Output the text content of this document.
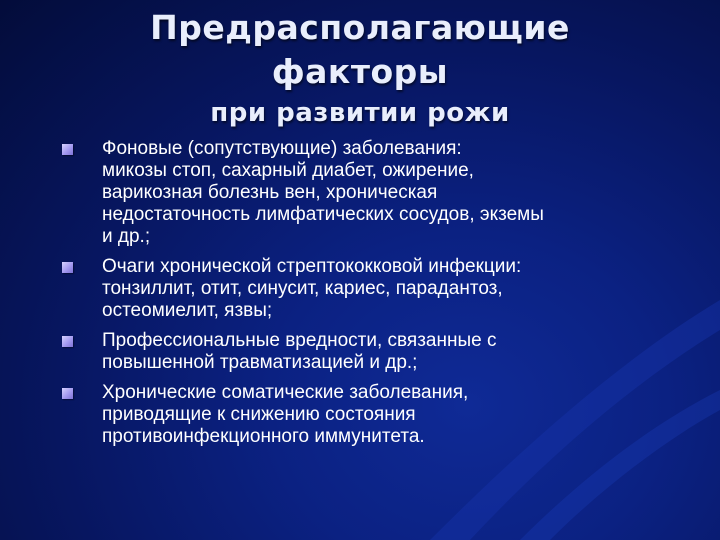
Предрасполагающие
факторы
при развитии рожи
Фоновые (сопутствующие) заболевания:
микозы стоп, сахарный диабет, ожирение,
варикозная болезнь вен, хроническая
недостаточность лимфатических сосудов, экземы
и др.;
Очаги хронической стрептококковой инфекции:
тонзиллит, отит, синусит, кариес, парадантоз,
остеомиелит, язвы;
Профессиональные вредности, связанные с
повышенной травматизацией и др.;
Хронические соматические заболевания,
приводящие к снижению состояния
противоинфекционного иммунитета.
